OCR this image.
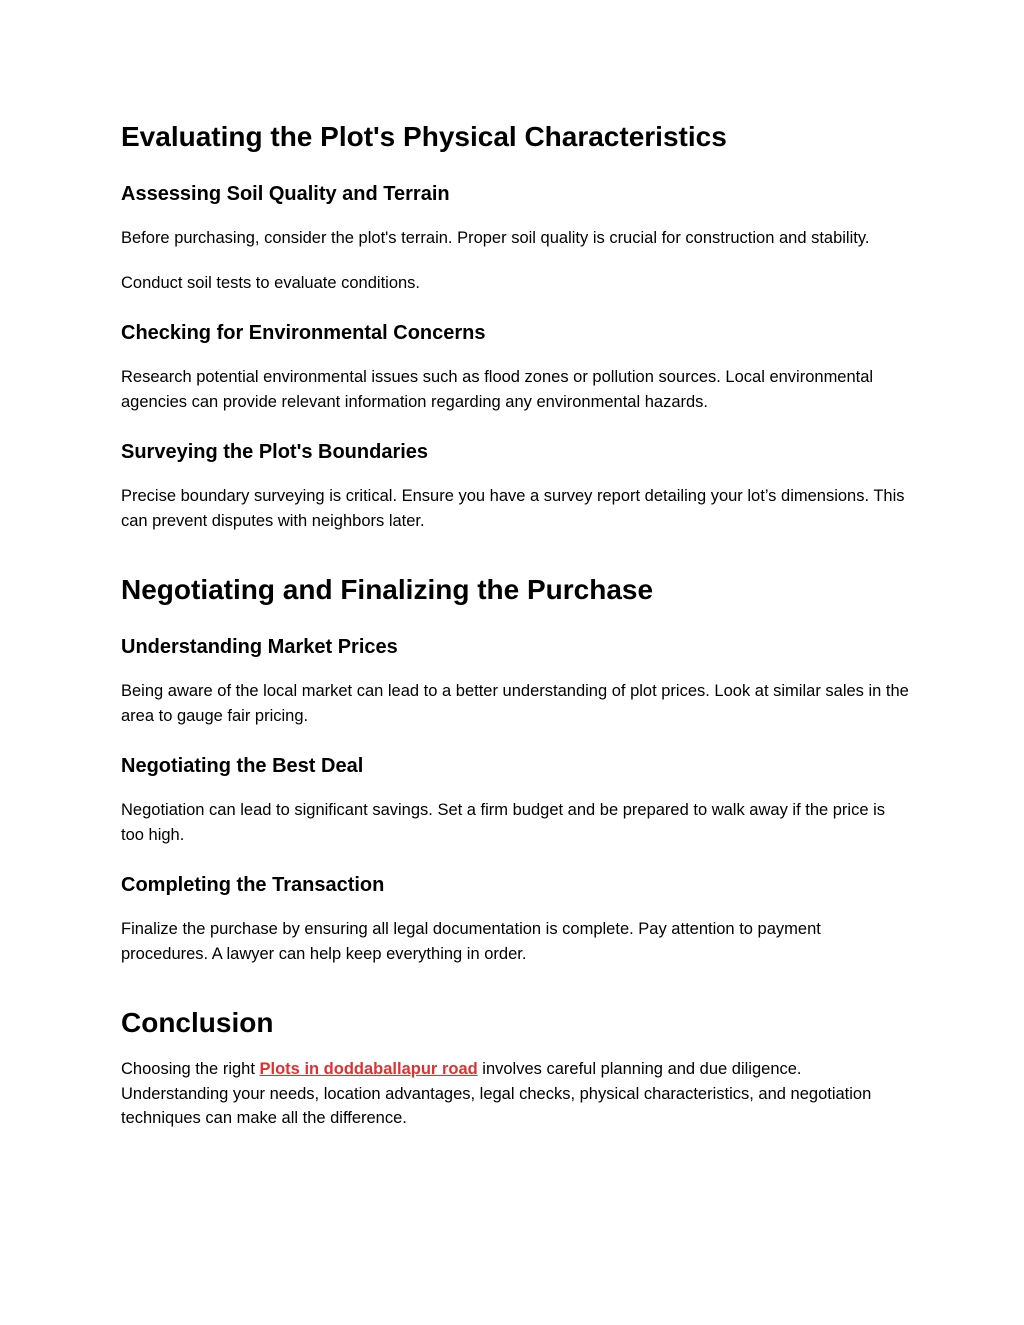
Evaluating the Plot's Physical Characteristics
Assessing Soil Quality and Terrain

Before purchasing, consider the plot's terrain. Proper soil quality is crucial for construction and stability.

Conduct soil tests to evaluate conditions.

Checking for Environmental Concerns

Research potential environmental issues such as flood zones or pollution sources. Local environmental agencies can provide relevant information regarding any environmental hazards.

Surveying the Plot's Boundaries

Precise boundary surveying is critical. Ensure you have a survey report detailing your lot’s dimensions. This can prevent disputes with neighbors later.

Negotiating and Finalizing the Purchase
Understanding Market Prices

Being aware of the local market can lead to a better understanding of plot prices. Look at similar sales in the area to gauge fair pricing.

Negotiating the Best Deal

Negotiation can lead to significant savings. Set a firm budget and be prepared to walk away if the price is too high.

Completing the Transaction

Finalize the purchase by ensuring all legal documentation is complete. Pay attention to payment procedures. A lawyer can help keep everything in order.

Conclusion

Choosing the right Plots in doddaballapur road involves careful planning and due diligence. Understanding your needs, location advantages, legal checks, physical characteristics, and negotiation techniques can make all the difference.
